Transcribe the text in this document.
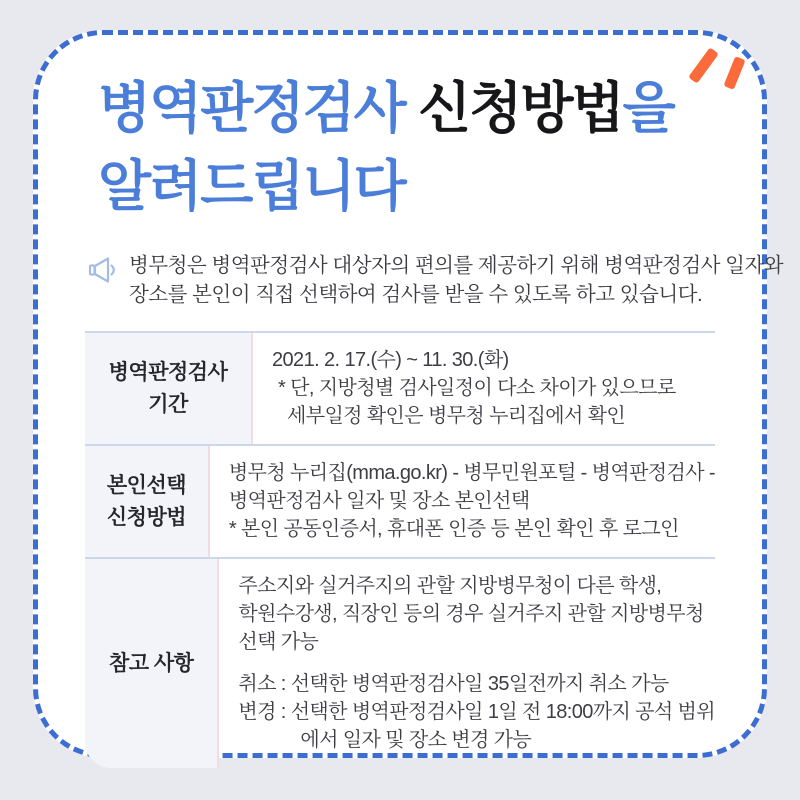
병역판정검사 신청방법을
알려드립니다
병무청은 병역판정검사 대상자의 편의를 제공하기 위해 병역판정검사 일자와
장소를 본인이 직접 선택하여 검사를 받을 수 있도록 하고 있습니다.
병역판정검사
기간
2021. 2. 17.(수) ~ 11. 30.(화)
* 단, 지방청별 검사일정이 다소 차이가 있으므로
세부일정 확인은 병무청 누리집에서 확인
본인선택
신청방법
병무청 누리집(mma.go.kr) - 병무민원포털 - 병역판정검사 -
병역판정검사 일자 및 장소 본인선택
* 본인 공동인증서, 휴대폰 인증 등 본인 확인 후 로그인
참고 사항
주소지와 실거주지의 관할 지방병무청이 다른 학생,
학원수강생, 직장인 등의 경우 실거주지 관할 지방병무청
선택 가능
취소 : 선택한 병역판정검사일 35일전까지 취소 가능
변경 : 선택한 병역판정검사일 1일 전 18:00까지 공석 범위
에서 일자 및 장소 변경 가능
